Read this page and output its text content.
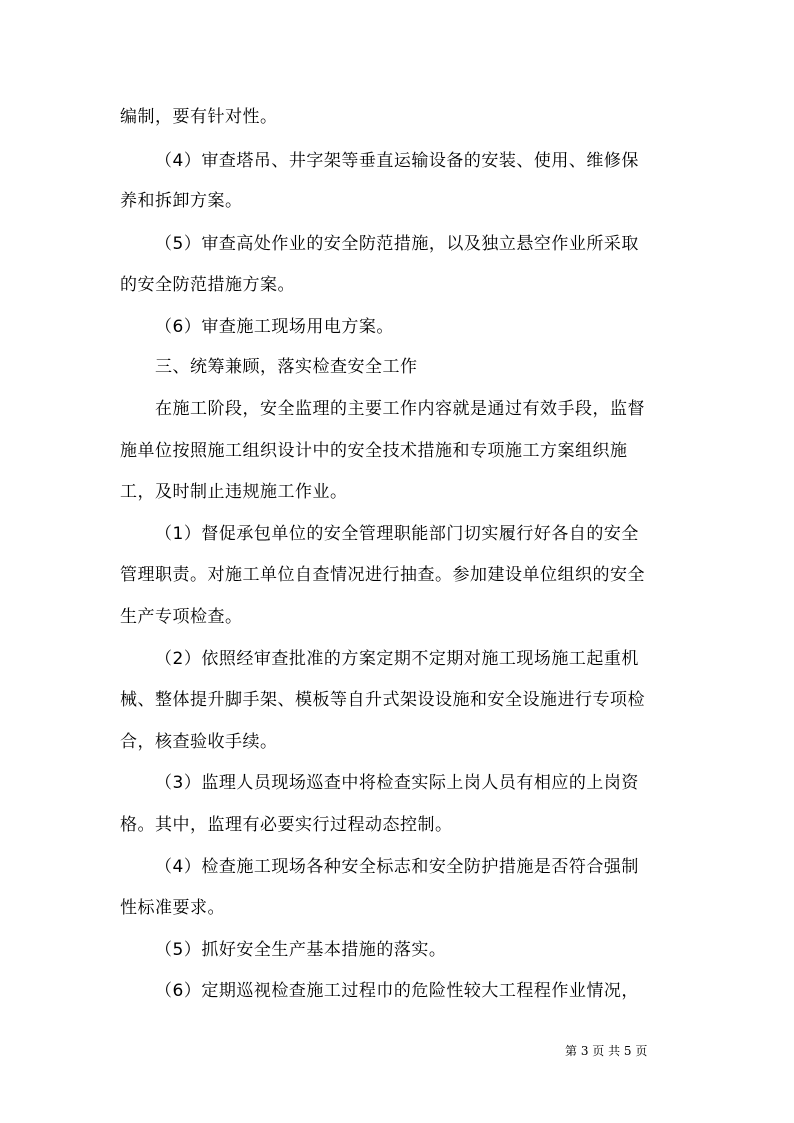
编制，要有针对性。
（4）审查塔吊、井字架等垂直运输设备的安装、使用、维修保
养和拆卸方案。
（5）审查高处作业的安全防范措施，以及独立悬空作业所采取
的安全防范措施方案。
（6）审查施工现场用电方案。
三、统筹兼顾，落实检查安全工作
在施工阶段，安全监理的主要工作内容就是通过有效手段，监督
施单位按照施工组织设计中的安全技术措施和专项施工方案组织施
工，及时制止违规施工作业。
（1）督促承包单位的安全管理职能部门切实履行好各自的安全
管理职责。对施工单位自查情况进行抽查。参加建设单位组织的安全
生产专项检查。
（2）依照经审查批准的方案定期不定期对施工现场施工起重机
械、整体提升脚手架、模板等自升式架设设施和安全设施进行专项检
合，核查验收手续。
（3）监理人员现场巡查中将检查实际上岗人员有相应的上岗资
格。其中，监理有必要实行过程动态控制。
（4）检查施工现场各种安全标志和安全防护措施是否符合强制
性标准要求。
（5）抓好安全生产基本措施的落实。
（6）定期巡视检查施工过程巾的危险性较大工程程作业情况，
第 3 页 共 5 页
